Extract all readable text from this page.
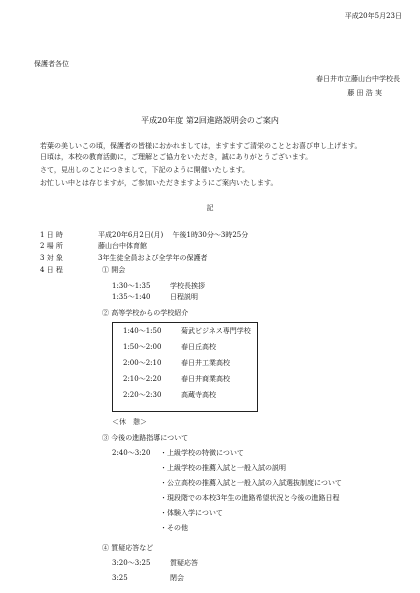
平成20年5月23日
保護者各位
春日井市立藤山台中学校長
藤 田 浩 実
平成20年度 第2回進路説明会のご案内
若葉の美しいこの頃，保護者の皆様におかれましては，ますますご清栄のこととお喜び申し上げます。
日頃は，本校の教育活動に，ご理解とご協力をいただき，誠にありがとうございます。
さて，見出しのことにつきまして，下記のように開催いたします。
お忙しい中とは存じますが，ご参加いただきますようにご案内いたします。
記
1 日 時	平成20年6月2日(月)　 午後1時30分～3時25分
2 場 所	藤山台中体育館
3 対 象	3年生徒全員および全学年の保護者
4 日 程	① 開会
1:30～1:35	学校長挨拶
1:35～1:40	日程説明
② 高等学校からの学校紹介
1:40～1:50	菊武ビジネス専門学校
1:50～2:00	春日丘高校
2:00～2:10	春日井工業高校
2:10～2:20	春日井商業高校
2:20～2:30	高蔵寺高校
＜休　憩＞
③ 今後の進路指導について
2:40～3:20 ・上級学校の特徴について
・上級学校の推薦入試と一般入試の説明
・公立高校の推薦入試と一般入試の入試選抜制度について
・現段階での本校3年生の進路希望状況と今後の進路日程
・体験入学について
・その他
④ 質疑応答など
3:20～3:25	質疑応答
3:25	閉会
